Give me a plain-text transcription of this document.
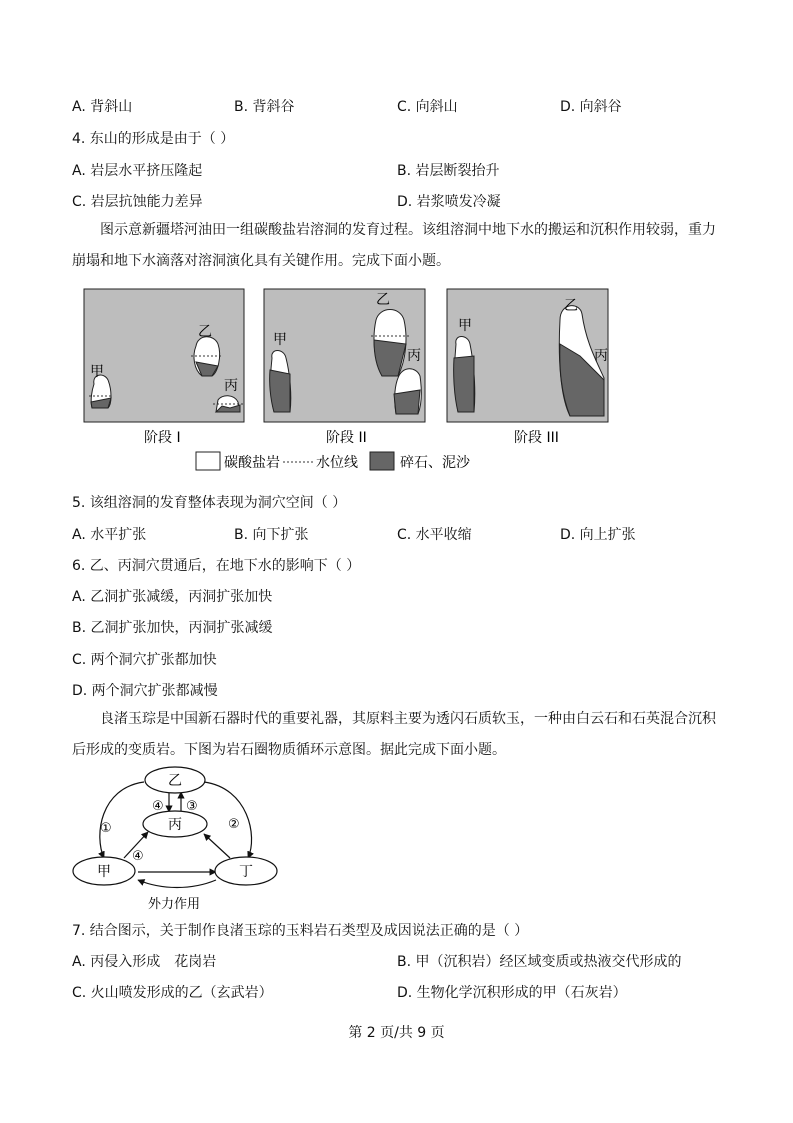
A. 背斜山	B. 背斜谷	C. 向斜山	D. 向斜谷
4. 东山的形成是由于（ ）
A. 岩层水平挤压隆起	B. 岩层断裂抬升
C. 岩层抗蚀能力差异	D. 岩浆喷发冷凝
图示意新疆塔河油田一组碳酸盐岩溶洞的发育过程。该组溶洞中地下水的搬运和沉积作用较弱，重力崩塌和地下水滴落对溶洞演化具有关键作用。完成下面小题。
甲
乙
丙
阶段 I
甲
乙
丙
阶段 II
甲
乙
丙
阶段 III
碳酸盐岩	水位线	碎石、泥沙
5. 该组溶洞的发育整体表现为洞穴空间（ ）
A. 水平扩张	B. 向下扩张	C. 水平收缩	D. 向上扩张
6. 乙、丙洞穴贯通后，在地下水的影响下（ ）
A. 乙洞扩张减缓，丙洞扩张加快
B. 乙洞扩张加快，丙洞扩张减缓
C. 两个洞穴扩张都加快
D. 两个洞穴扩张都减慢
良渚玉琮是中国新石器时代的重要礼器，其原料主要为透闪石质软玉，一种由白云石和石英混合沉积后形成的变质岩。下图为岩石圈物质循环示意图。据此完成下面小题。
乙
丙
甲	丁
①	②
④ ③
④
外力作用
7. 结合图示，关于制作良渚玉琮的玉料岩石类型及成因说法正确的是（ ）
A. 丙侵入形成　花岗岩	B. 甲（沉积岩）经区域变质或热液交代形成的
C. 火山喷发形成的乙（玄武岩）	D. 生物化学沉积形成的甲（石灰岩）
第 2 页/共 9 页
